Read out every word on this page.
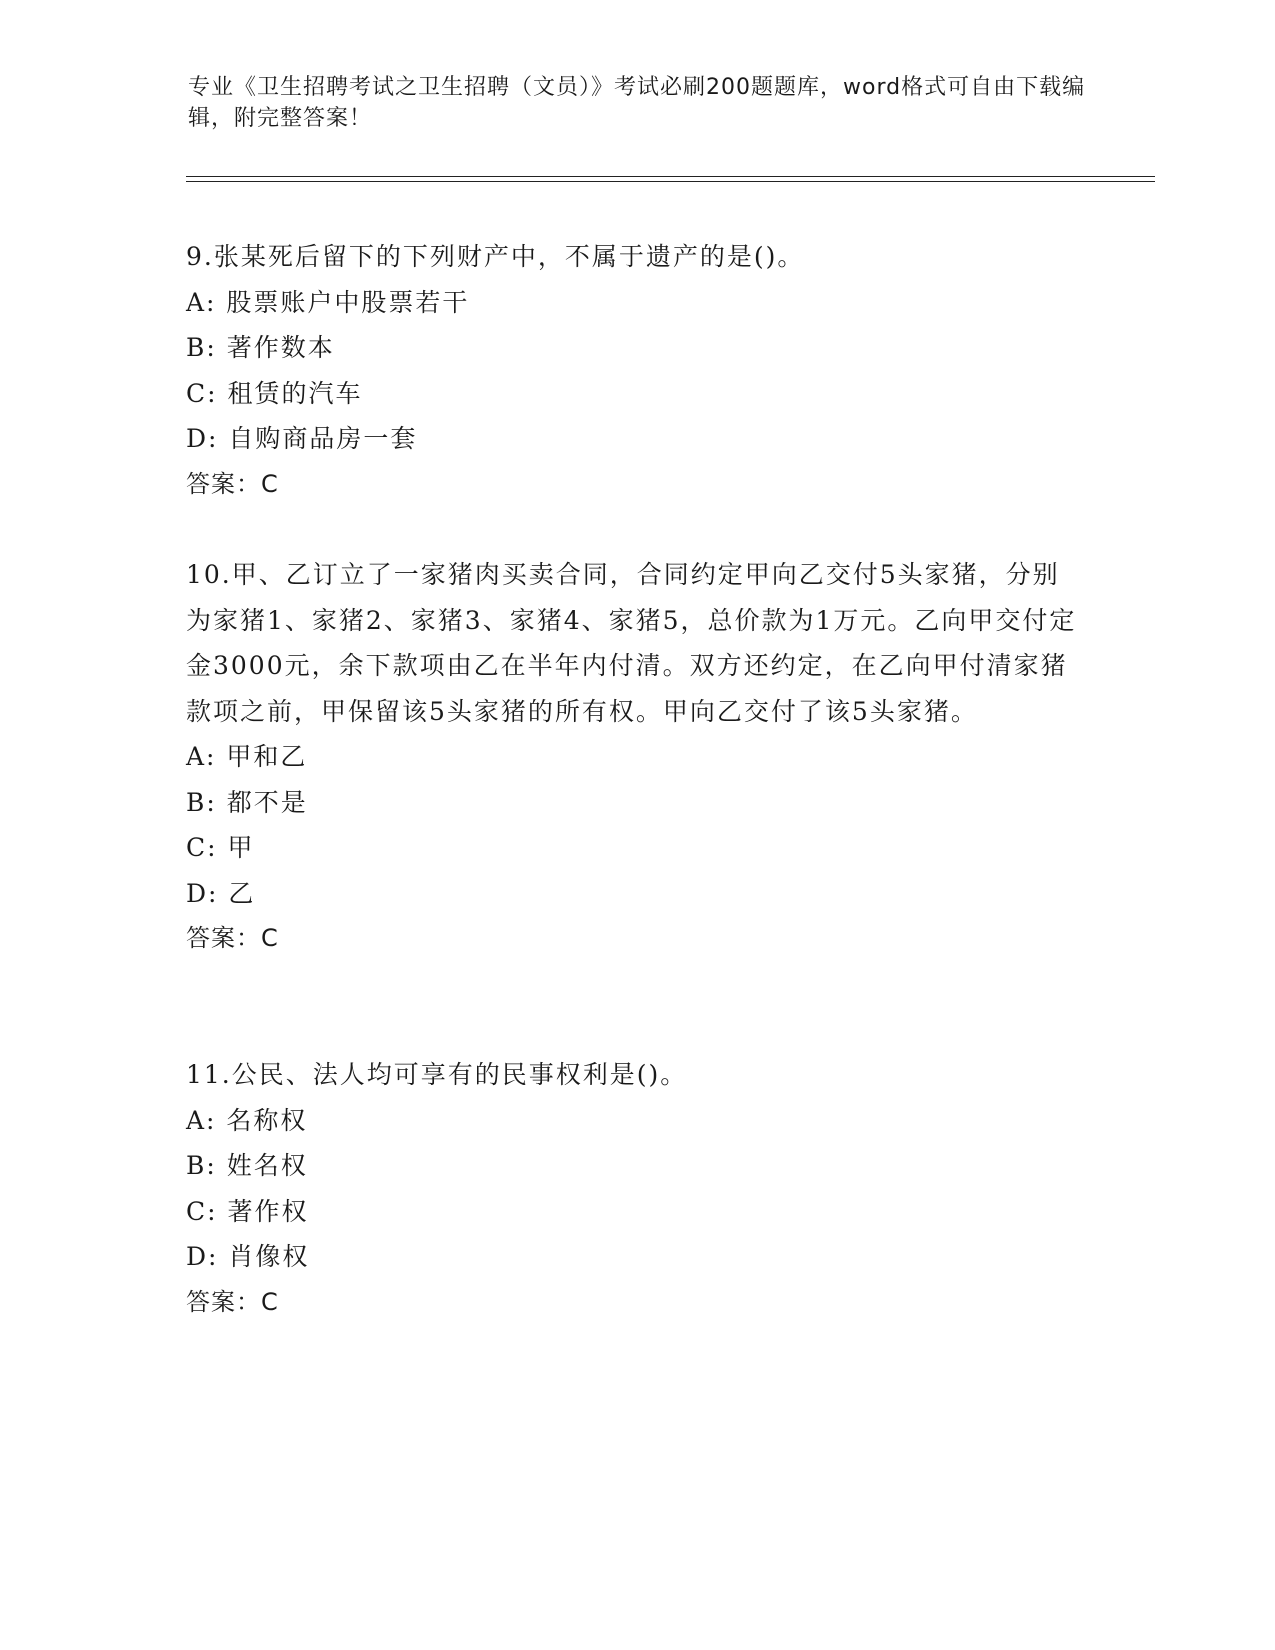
专业《卫生招聘考试之卫生招聘（文员）》考试必刷200题题库，word格式可自由下载编辑，附完整答案！

9.张某死后留下的下列财产中，不属于遗产的是()。

A: 股票账户中股票若干

B: 著作数本

C: 租赁的汽车

D: 自购商品房一套

答案：C

10.甲、乙订立了一家猪肉买卖合同，合同约定甲向乙交付5头家猪，分别为家猪1、家猪2、家猪3、家猪4、家猪5，总价款为1万元。乙向甲交付定金3000元，余下款项由乙在半年内付清。双方还约定，在乙向甲付清家猪款项之前，甲保留该5头家猪的所有权。甲向乙交付了该5头家猪。

A: 甲和乙

B: 都不是

C: 甲

D: 乙

答案：C

11.公民、法人均可享有的民事权利是()。

A: 名称权

B: 姓名权

C: 著作权

D: 肖像权

答案：C
